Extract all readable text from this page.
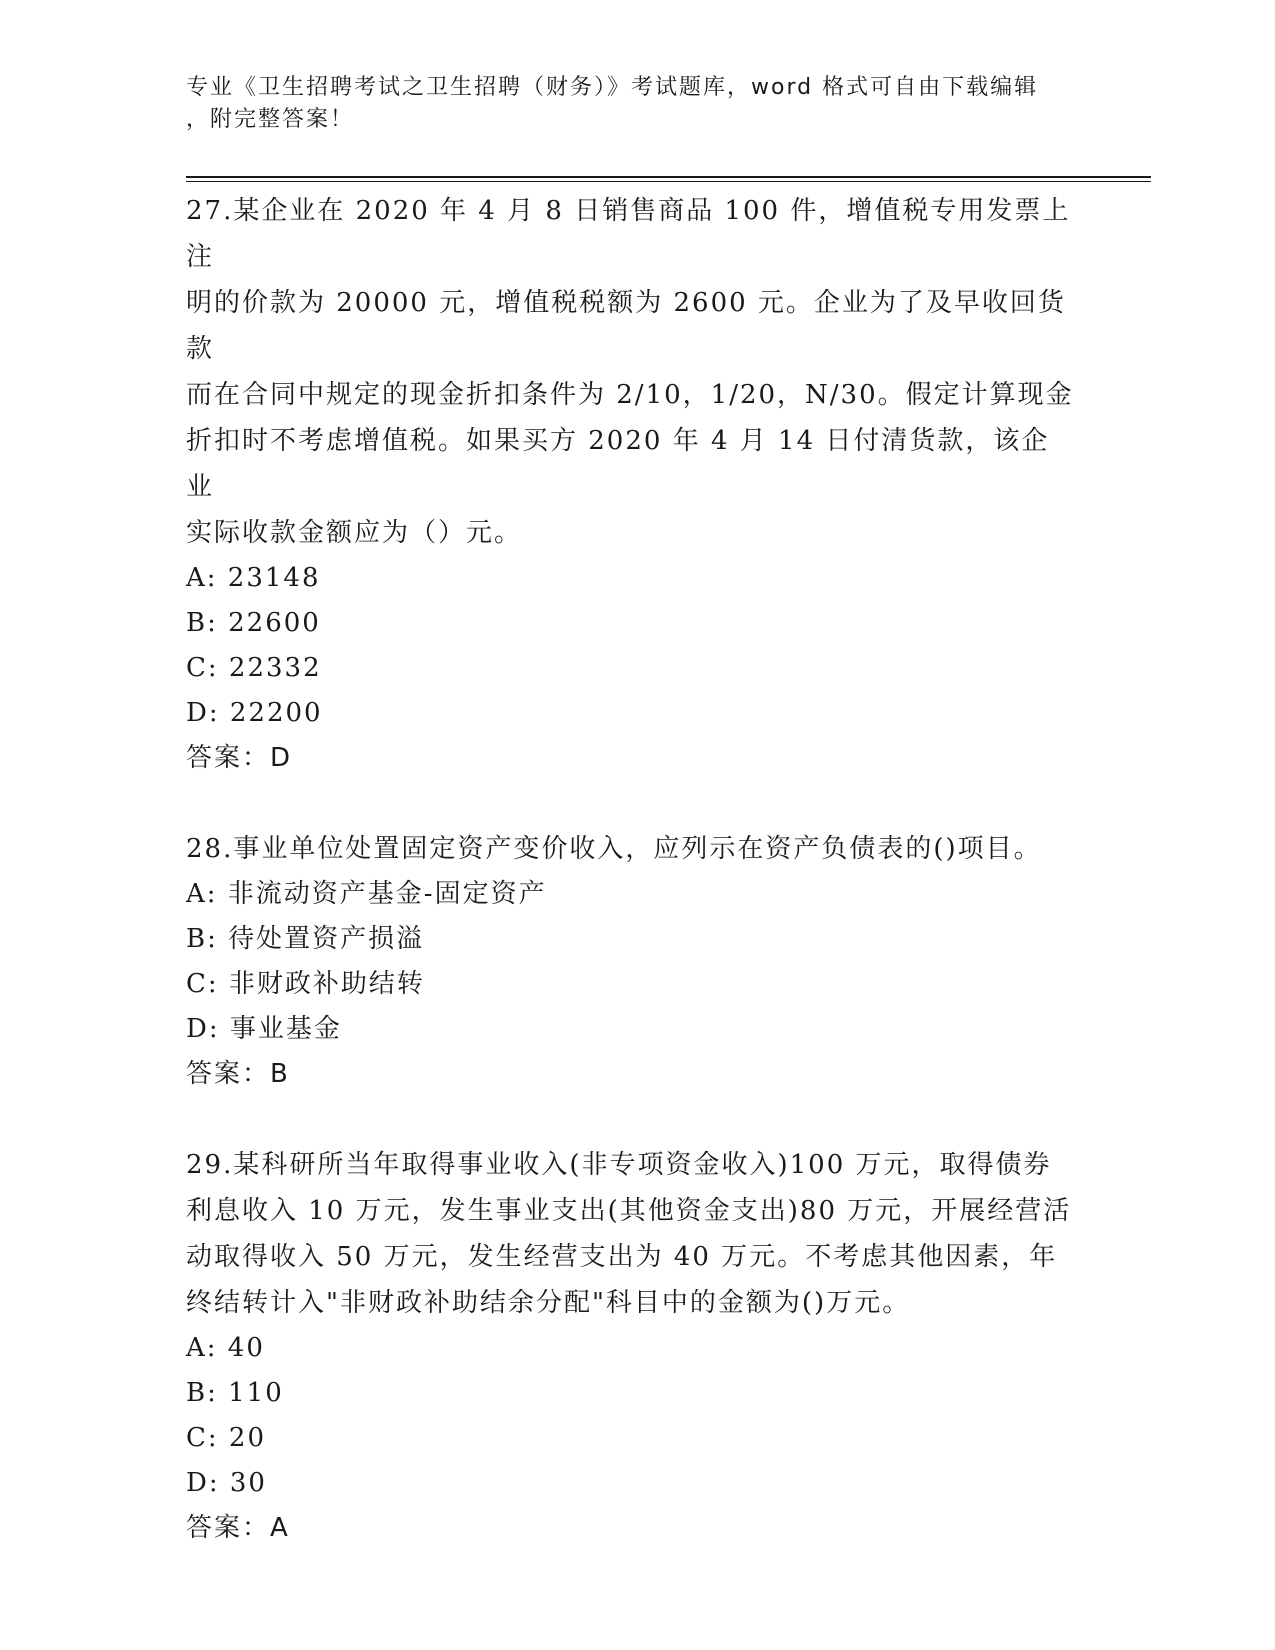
专业《卫生招聘考试之卫生招聘（财务）》考试题库，word 格式可自由下载编辑
，附完整答案！

27.某企业在 2020 年 4 月 8 日销售商品 100 件，增值税专用发票上注

明的价款为 20000 元，增值税税额为 2600 元。企业为了及早收回货款

而在合同中规定的现金折扣条件为 2/10，1/20，N/30。假定计算现金

折扣时不考虑增值税。如果买方 2020 年 4 月 14 日付清货款，该企业

实际收款金额应为（）元。

A: 23148

B: 22600

C: 22332

D: 22200

答案：D

28.事业单位处置固定资产变价收入，应列示在资产负债表的()项目。

A: 非流动资产基金-固定资产

B: 待处置资产损溢

C: 非财政补助结转

D: 事业基金

答案：B

29.某科研所当年取得事业收入(非专项资金收入)100 万元，取得债券

利息收入 10 万元，发生事业支出(其他资金支出)80 万元，开展经营活

动取得收入 50 万元，发生经营支出为 40 万元。不考虑其他因素，年

终结转计入"非财政补助结余分配"科目中的金额为()万元。

A: 40

B: 110

C: 20

D: 30

答案：A
